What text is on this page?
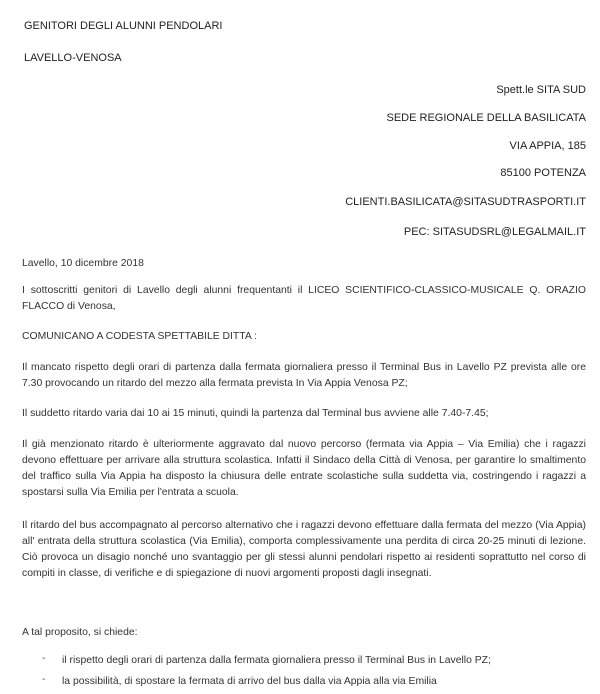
GENITORI DEGLI ALUNNI PENDOLARI
LAVELLO-VENOSA
Spett.le SITA SUD
SEDE REGIONALE DELLA BASILICATA
VIA APPIA, 185
85100 POTENZA
CLIENTI.BASILICATA@SITASUDTRASPORTI.IT
PEC: SITASUDSRL@LEGALMAIL.IT
Lavello, 10 dicembre 2018
I sottoscritti genitori di Lavello degli alunni frequentanti il LICEO SCIENTIFICO-CLASSICO-MUSICALE Q. ORAZIO FLACCO di Venosa,
COMUNICANO A CODESTA SPETTABILE DITTA :
Il mancato rispetto degli orari di partenza dalla fermata giornaliera presso il Terminal Bus in Lavello PZ prevista alle ore 7.30 provocando un ritardo del mezzo alla fermata prevista In Via Appia Venosa PZ;
Il suddetto ritardo varia dai 10 ai 15 minuti, quindi la partenza dal Terminal bus avviene alle 7.40-7.45;
Il già menzionato ritardo è ulteriormente aggravato dal nuovo percorso (fermata via Appia – Via Emilia) che i ragazzi devono effettuare per arrivare alla struttura scolastica. Infatti il Sindaco della Città di Venosa, per garantire lo smaltimento del traffico sulla Via Appia ha disposto la chiusura delle entrate scolastiche sulla suddetta via, costringendo i ragazzi a spostarsi sulla Via Emilia per l'entrata a scuola.
Il ritardo del bus accompagnato al percorso alternativo che i ragazzi devono effettuare dalla fermata del mezzo (Via Appia) all' entrata della struttura scolastica (Via Emilia), comporta complessivamente una perdita di circa 20-25 minuti di lezione. Ciò provoca un disagio nonché uno svantaggio per gli stessi alunni pendolari rispetto ai residenti soprattutto nel corso di compiti in classe, di verifiche e di spiegazione di nuovi argomenti proposti dagli insegnati.
A tal proposito, si chiede:
- il rispetto degli orari di partenza dalla fermata giornaliera presso il Terminal Bus in Lavello PZ;
- la possibilità, di spostare la fermata di arrivo del bus dalla via Appia alla via Emilia
